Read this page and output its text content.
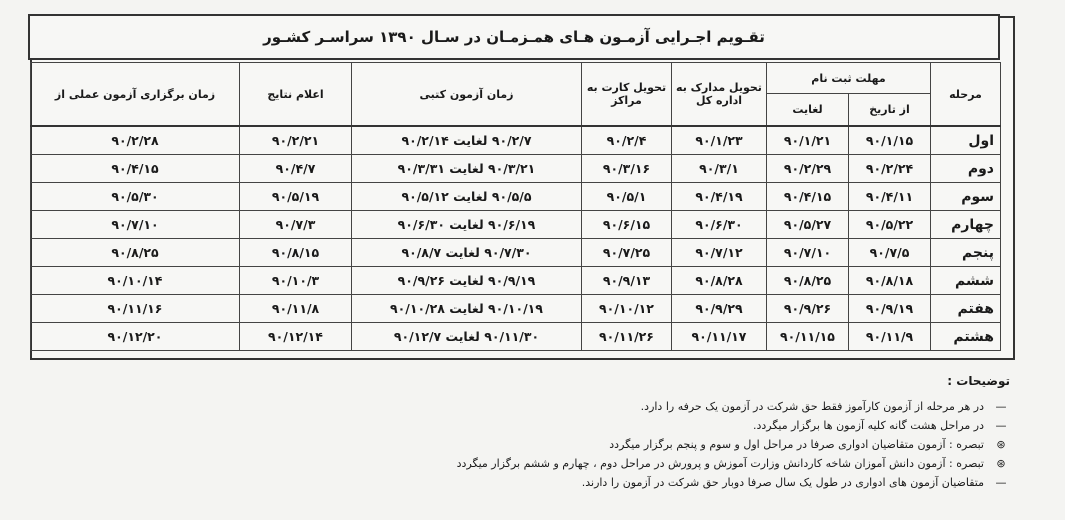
تقـویم اجـرایی آزمـون هـای همـزمـان در سـال ۱۳۹۰ سراسـر کشـور
مرحله	مهلت ثبت نام		تحویل مدارک به اداره کل	تحویل کارت به مراکز	زمان آزمون کتبی	اعلام نتایج	زمان برگزاری آزمون عملی از
	از تاریخ	لغایت					
اول	۹۰/۱/۱۵	۹۰/۱/۲۱	۹۰/۱/۲۳	۹۰/۲/۴	۹۰/۲/۷ لغایت ۹۰/۲/۱۴	۹۰/۲/۲۱	۹۰/۲/۲۸
دوم	۹۰/۲/۲۴	۹۰/۲/۲۹	۹۰/۳/۱	۹۰/۳/۱۶	۹۰/۳/۲۱ لغایت ۹۰/۳/۳۱	۹۰/۴/۷	۹۰/۴/۱۵
سوم	۹۰/۴/۱۱	۹۰/۴/۱۵	۹۰/۴/۱۹	۹۰/۵/۱	۹۰/۵/۵ لغایت ۹۰/۵/۱۲	۹۰/۵/۱۹	۹۰/۵/۳۰
چهارم	۹۰/۵/۲۲	۹۰/۵/۲۷	۹۰/۶/۳۰	۹۰/۶/۱۵	۹۰/۶/۱۹ لغایت ۹۰/۶/۳۰	۹۰/۷/۳	۹۰/۷/۱۰
پنجم	۹۰/۷/۵	۹۰/۷/۱۰	۹۰/۷/۱۲	۹۰/۷/۲۵	۹۰/۷/۳۰ لغایت ۹۰/۸/۷	۹۰/۸/۱۵	۹۰/۸/۲۵
ششم	۹۰/۸/۱۸	۹۰/۸/۲۵	۹۰/۸/۲۸	۹۰/۹/۱۳	۹۰/۹/۱۹ لغایت ۹۰/۹/۲۶	۹۰/۱۰/۳	۹۰/۱۰/۱۴
هفتم	۹۰/۹/۱۹	۹۰/۹/۲۶	۹۰/۹/۲۹	۹۰/۱۰/۱۲	۹۰/۱۰/۱۹ لغایت ۹۰/۱۰/۲۸	۹۰/۱۱/۸	۹۰/۱۱/۱۶
هشتم	۹۰/۱۱/۹	۹۰/۱۱/۱۵	۹۰/۱۱/۱۷	۹۰/۱۱/۲۶	۹۰/۱۱/۳۰ لغایت ۹۰/۱۲/۷	۹۰/۱۲/۱۴	۹۰/۱۲/۲۰
توضیحات :
—
در هر مرحله از آزمون کارآموز فقط حق شرکت در آزمون یک حرفه را دارد.
—
در مراحل هشت گانه کلیه آزمون ها برگزار میگردد.
⊛
تبصره : آزمون متقاضیان ادواری صرفا در مراحل اول و سوم و پنجم برگزار میگردد
⊛
تبصره : آزمون دانش آموزان شاخه کاردانش وزارت آموزش و پرورش در مراحل دوم ، چهارم و ششم برگزار میگردد
—
متقاضیان آزمون های ادواری در طول یک سال صرفا دوبار حق شرکت در آزمون را دارند.
